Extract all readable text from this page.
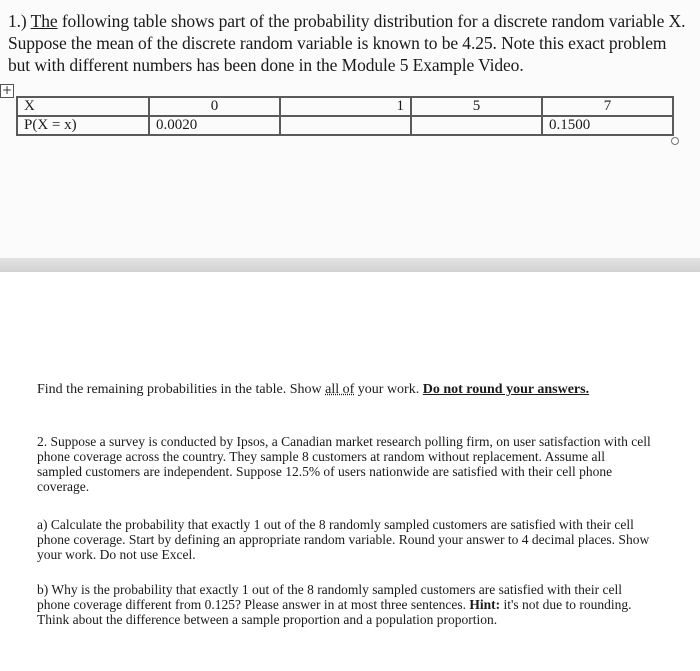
1.) The following table shows part of the probability distribution for a discrete random variable X. Suppose the mean of the discrete random variable is known to be 4.25. Note this exact problem but with different numbers has been done in the Module 5 Example Video.
+
X	0	1	5	7
P(X = x)	0.0020			0.1500
Find the remaining probabilities in the table. Show all of your work. Do not round your answers.
2. Suppose a survey is conducted by Ipsos, a Canadian market research polling firm, on user satisfaction with cell phone coverage across the country. They sample 8 customers at random without replacement. Assume all sampled customers are independent. Suppose 12.5% of users nationwide are satisfied with their cell phone coverage.
a) Calculate the probability that exactly 1 out of the 8 randomly sampled customers are satisfied with their cell phone coverage. Start by defining an appropriate random variable. Round your answer to 4 decimal places. Show your work. Do not use Excel.
b) Why is the probability that exactly 1 out of the 8 randomly sampled customers are satisfied with their cell phone coverage different from 0.125? Please answer in at most three sentences. Hint: it's not due to rounding. Think about the difference between a sample proportion and a population proportion.
